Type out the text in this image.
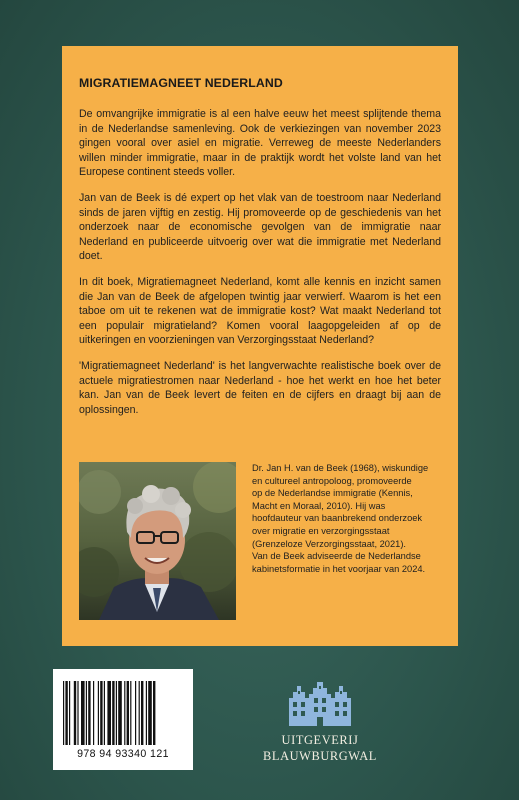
MIGRATIEMAGNEET NEDERLAND

De omvangrijke immigratie is al een halve eeuw het meest splijtende thema in de Nederlandse samenleving. Ook de verkiezingen van november 2023 gingen vooral over asiel en migratie. Verreweg de meeste Nederlanders willen minder immigratie, maar in de praktijk wordt het volste land van het Europese continent steeds voller.

Jan van de Beek is dé expert op het vlak van de toestroom naar Nederland sinds de jaren vijftig en zestig. Hij promoveerde op de geschiedenis van het onderzoek naar de economische gevolgen van de immigratie naar Nederland en publiceerde uitvoerig over wat die immigratie met Nederland doet.

In dit boek, Migratiemagneet Nederland, komt alle kennis en inzicht samen die Jan van de Beek de afgelopen twintig jaar verwierf. Waarom is het een taboe om uit te rekenen wat de immigratie kost? Wat maakt Nederland tot een populair migratieland? Komen vooral laagopgeleiden af op de uitkeringen en voorzieningen van Verzorgingsstaat Nederland?

'Migratiemagneet Nederland' is het langverwachte realistische boek over de actuele migratiestromen naar Nederland - hoe het werkt en hoe het beter kan. Jan van de Beek levert de feiten en de cijfers en draagt bij aan de oplossingen.

Dr. Jan H. van de Beek (1968), wiskundige
en cultureel antropoloog, promoveerde
op de Nederlandse immigratie (Kennis,
Macht en Moraal, 2010). Hij was
hoofdauteur van baanbrekend onderzoek
over migratie en verzorgingsstaat
(Grenzeloze Verzorgingsstaat, 2021).
Van de Beek adviseerde de Nederlandse
kabinetsformatie in het voorjaar van 2024.
978 94 93340 121
UITGEVERIJ
BLAUWBURGWAL
